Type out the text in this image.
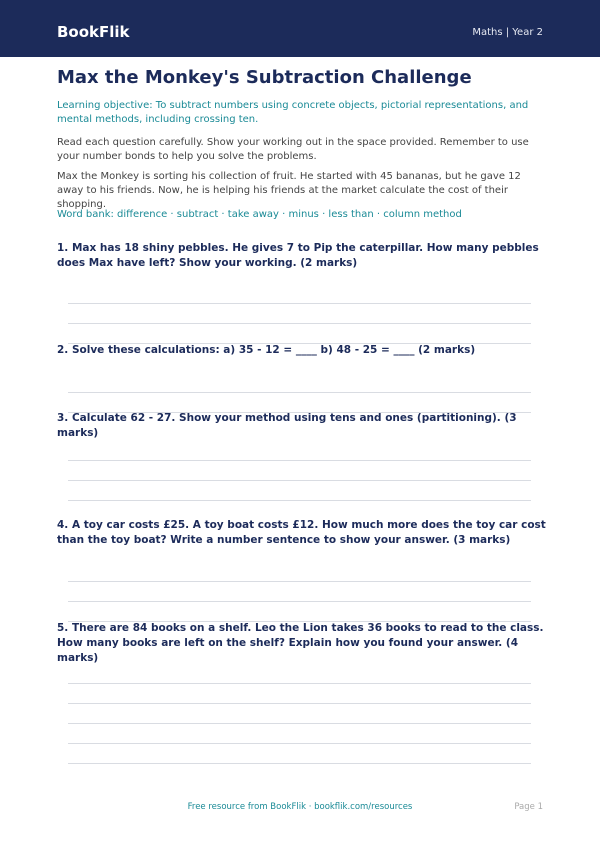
BookFlik	Maths | Year 2
Max the Monkey's Subtraction Challenge

Learning objective: To subtract numbers using concrete objects, pictorial representations, and mental methods, including crossing ten.

Read each question carefully. Show your working out in the space provided. Remember to use your number bonds to help you solve the problems.

Max the Monkey is sorting his collection of fruit. He started with 45 bananas, but he gave 12 away to his friends. Now, he is helping his friends at the market calculate the cost of their shopping.

Word bank: difference · subtract · take away · minus · less than · column method

1. Max has 18 shiny pebbles. He gives 7 to Pip the caterpillar. How many pebbles does Max have left? Show your working. (2 marks)
2. Solve these calculations: a) 35 - 12 = ____ b) 48 - 25 = ____ (2 marks)
3. Calculate 62 - 27. Show your method using tens and ones (partitioning). (3 marks)
4. A toy car costs £25. A toy boat costs £12. How much more does the toy car cost than the toy boat? Write a number sentence to show your answer. (3 marks)
5. There are 84 books on a shelf. Leo the Lion takes 36 books to read to the class. How many books are left on the shelf? Explain how you found your answer. (4 marks)
Free resource from BookFlik · bookflik.com/resources	Page 1
